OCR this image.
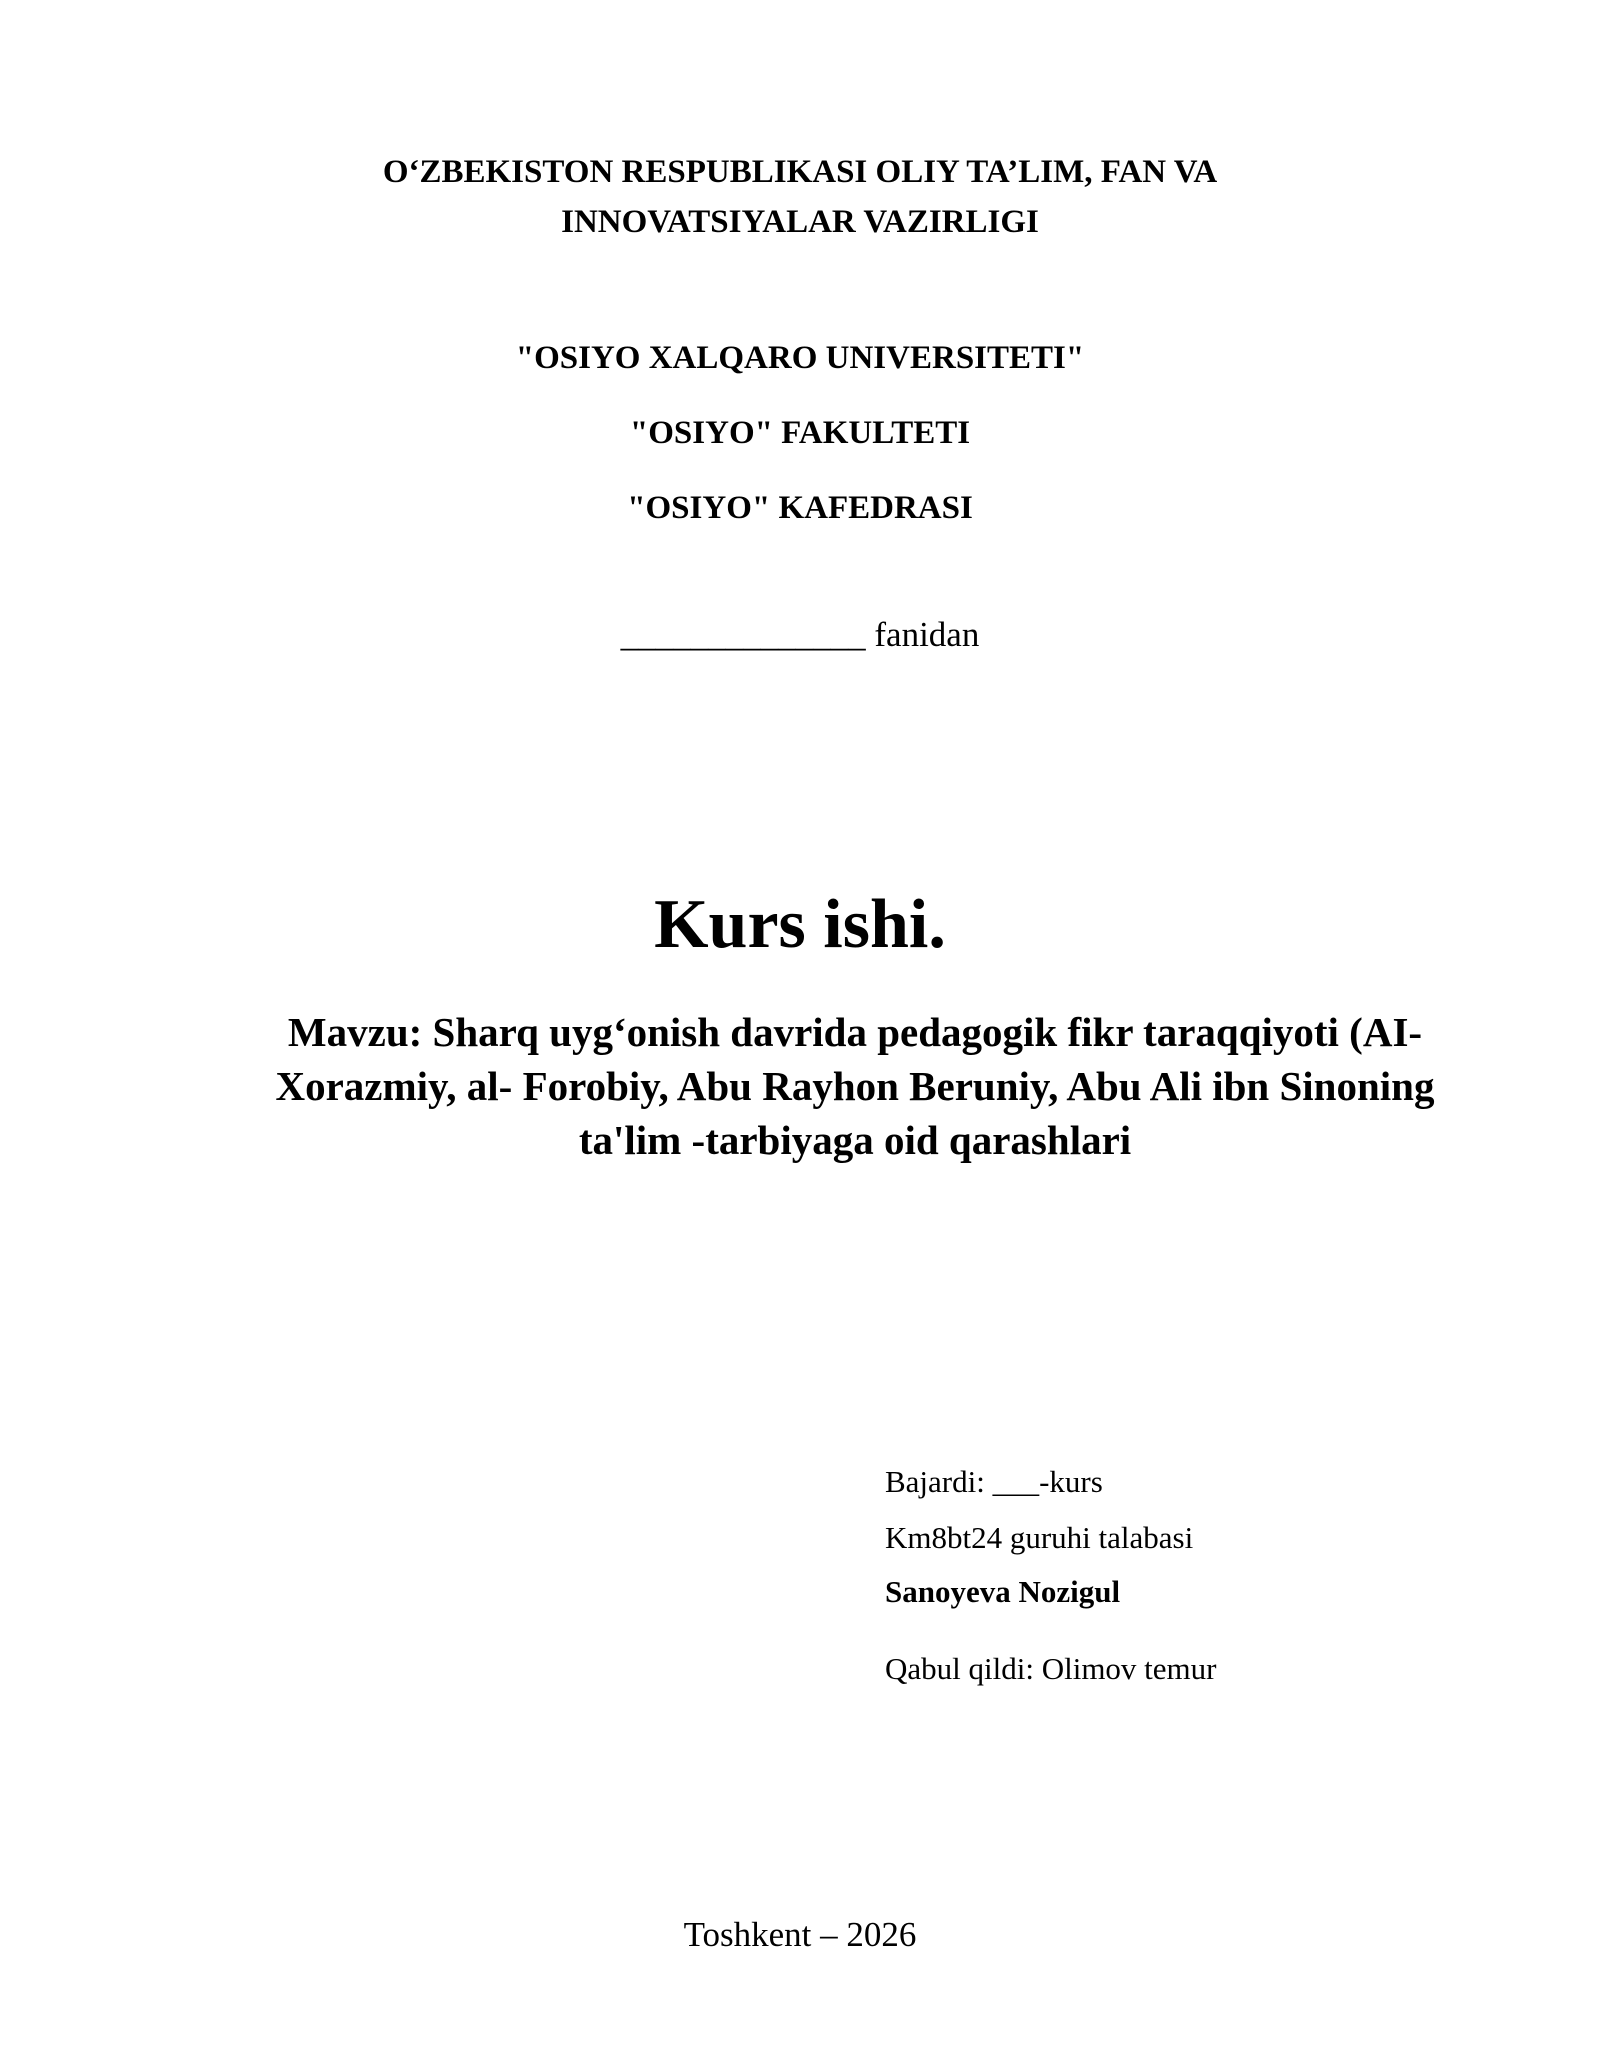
O‘ZBEKISTON RESPUBLIKASI OLIY TA’LIM, FAN VA
INNOVATSIYALAR VAZIRLIGI

"OSIYO XALQARO UNIVERSITETI"

"OSIYO" FAKULTETI

"OSIYO" KAFEDRASI

______________ fanidan

Kurs ishi.
Mavzu: Sharq uyg‘onish davrida pedagogik fikr taraqqiyoti (AI-Xorazmiy, al- Forobiy, Abu Rayhon Beruniy, Abu Ali ibn Sinoning ta'lim -tarbiyaga oid qarashlari

Bajardi: ___-kurs

Km8bt24 guruhi talabasi

Sanoyeva Nozigul

Qabul qildi: Olimov temur

Toshkent – 2026
